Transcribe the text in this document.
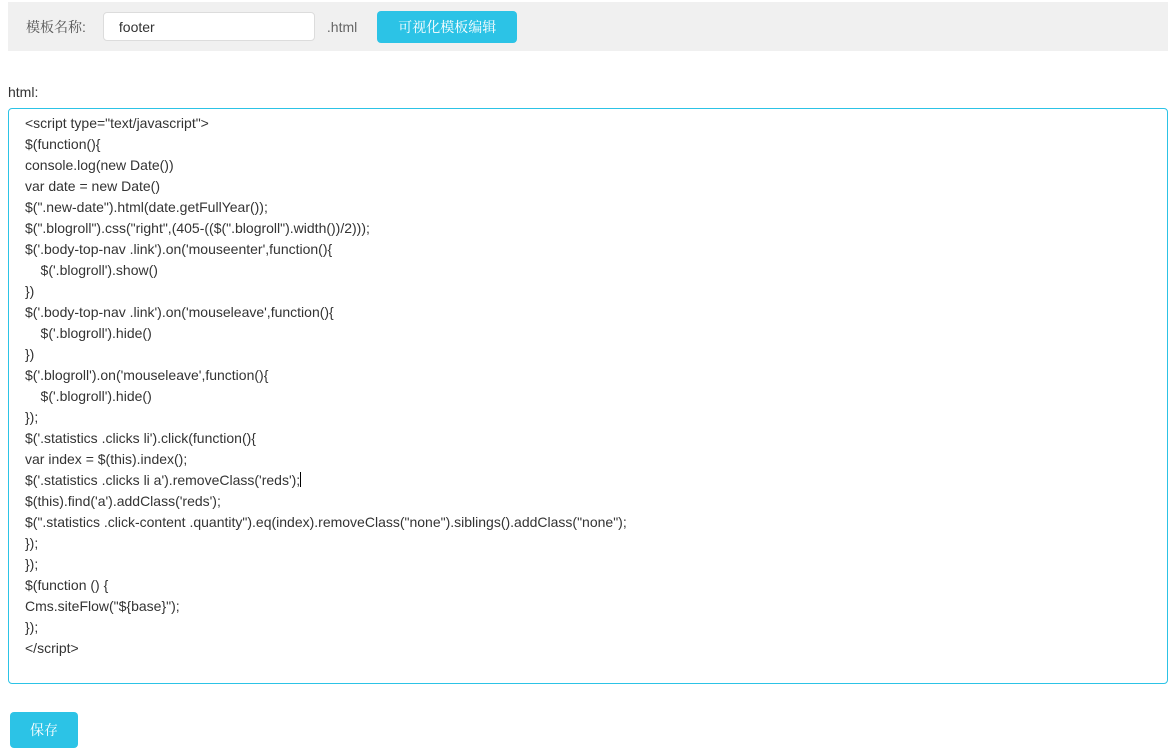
模板名称:
footer	.html	可视化模板编辑
html:
<script type="text/javascript">
$(function(){
console.log(new Date())
var date = new Date()
$(".new-date").html(date.getFullYear());
$(".blogroll").css("right",(405-(($(".blogroll").width())/2)));
$('.body-top-nav .link').on('mouseenter',function(){
$('.blogroll').show()
})
$('.body-top-nav .link').on('mouseleave',function(){
$('.blogroll').hide()
})
$('.blogroll').on('mouseleave',function(){
$('.blogroll').hide()
});
$('.statistics .clicks li').click(function(){
var index = $(this).index();
$('.statistics .clicks li a').removeClass('reds');
$(this).find('a').addClass('reds');
$(".statistics .click-content .quantity").eq(index).removeClass("none").siblings().addClass("none");
});
});
$(function () {
Cms.siteFlow("${base}");
});
</script>
保存
